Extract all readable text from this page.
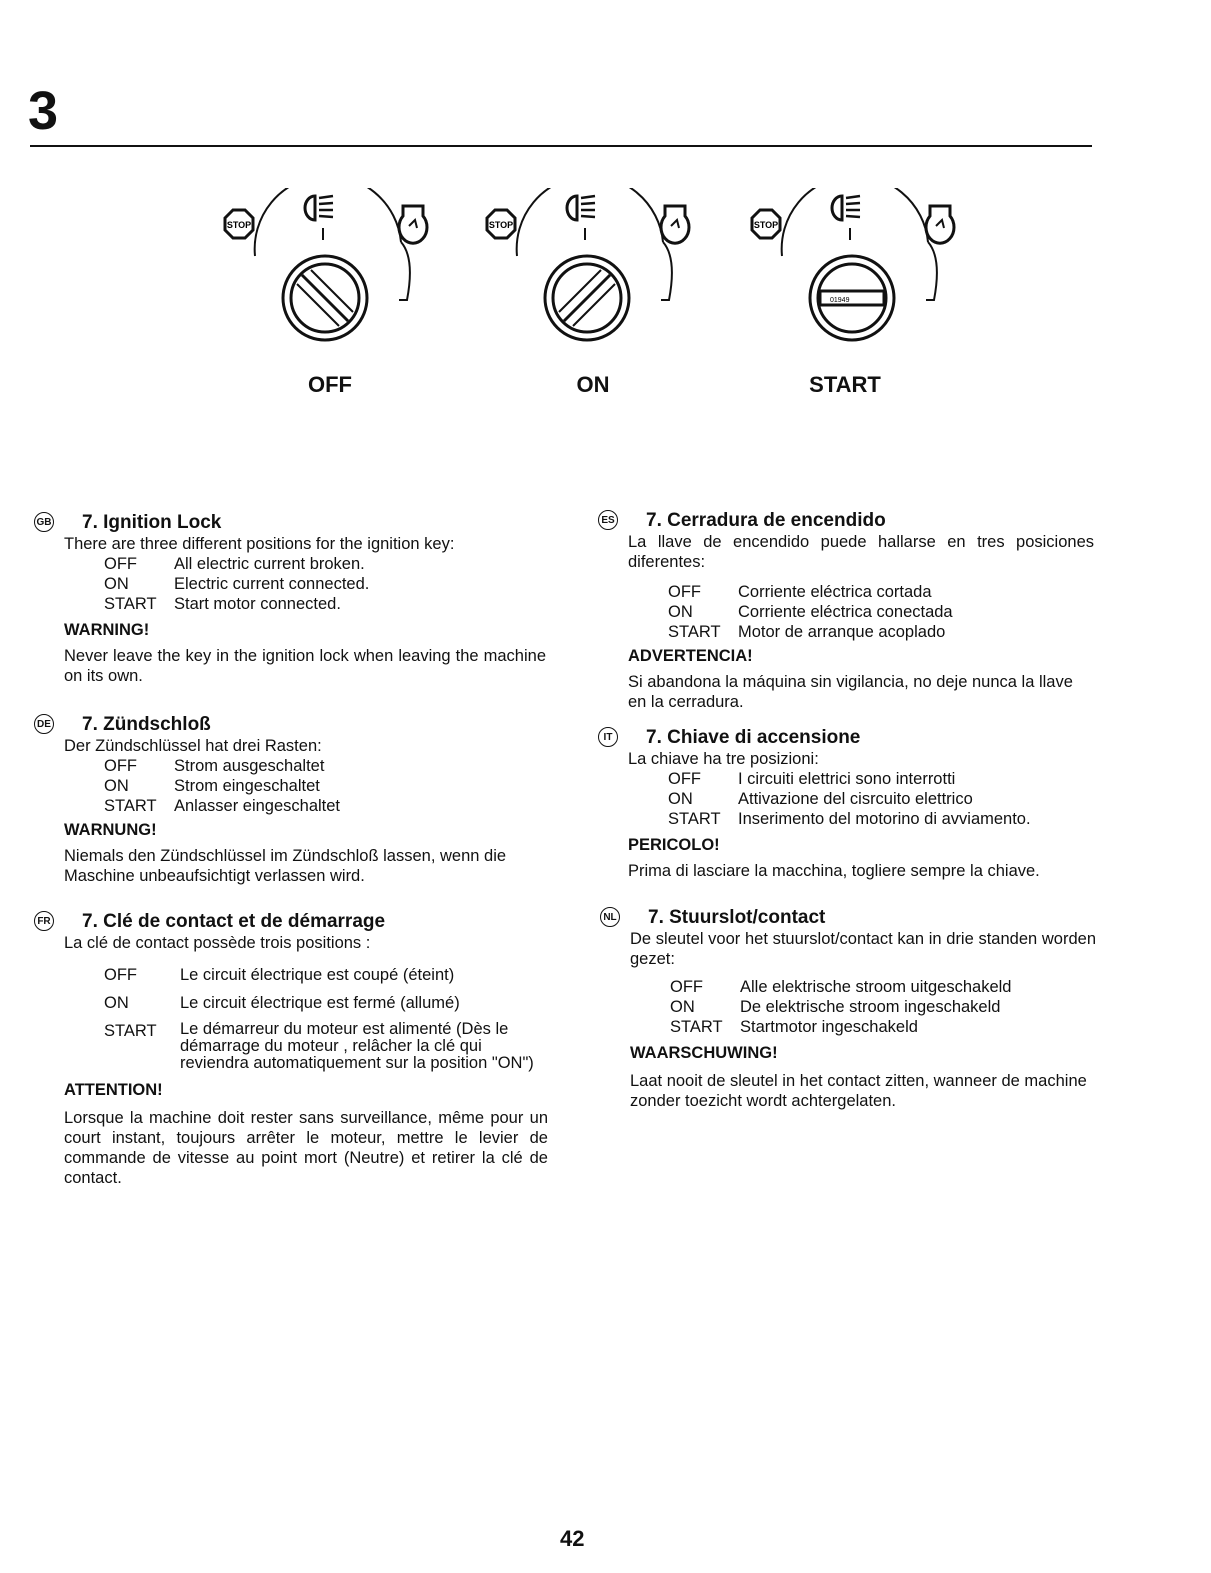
3
STOP	STOP	STOP
01949
OFF	ON	START
GB 7. Ignition Lock

There are three different positions for the ignition key:

OFF	All electric current broken.
ON	Electric current connected.
START	Start motor connected.

WARNING!

Never leave the key in the ignition lock when leaving the machine on its own.

DE 7. Zündschloß

Der Zündschlüssel hat drei Rasten:

OFF	Strom ausgeschaltet
ON	Strom eingeschaltet
START	Anlasser eingeschaltet

WARNUNG!

Niemals den Zündschlüssel im Zündschloß lassen, wenn die Maschine unbeaufsichtigt verlassen wird.

FR 7. Clé de contact et de démarrage

La clé de contact possède trois positions :

OFF	Le circuit électrique est coupé (éteint)
ON	Le circuit électrique est fermé (allumé)
START	Le démarreur du moteur est alimenté (Dès le démarrage du moteur , relâcher la clé qui reviendra automatiquement sur la position "ON")

ATTENTION!

Lorsque la machine doit rester sans surveillance, même pour un court instant, toujours arrêter le moteur, mettre le levier de commande de vitesse au point mort (Neutre) et retirer la clé de contact.

ES 7. Cerradura de encendido

La llave de encendido puede hallarse en tres posiciones diferentes:

OFF	Corriente eléctrica cortada
ON	Corriente eléctrica conectada
START	Motor de arranque acoplado

ADVERTENCIA!

Si abandona la máquina sin vigilancia, no deje nunca la llave en la cerradura.

IT 7. Chiave di accensione

La chiave ha tre posizioni:

OFF	I circuiti elettrici sono interrotti
ON	Attivazione del cisrcuito elettrico
START	Inserimento del motorino di avviamento.

PERICOLO!

Prima di lasciare la macchina, togliere sempre la chiave.

NL 7. Stuurslot/contact

De sleutel voor het stuurslot/contact kan in drie standen worden gezet:

OFF	Alle elektrische stroom uitgeschakeld
ON	De elektrische stroom ingeschakeld
START	Startmotor ingeschakeld

WAARSCHUWING!

Laat nooit de sleutel in het contact zitten, wanneer de machine zonder toezicht wordt achtergelaten.

42
